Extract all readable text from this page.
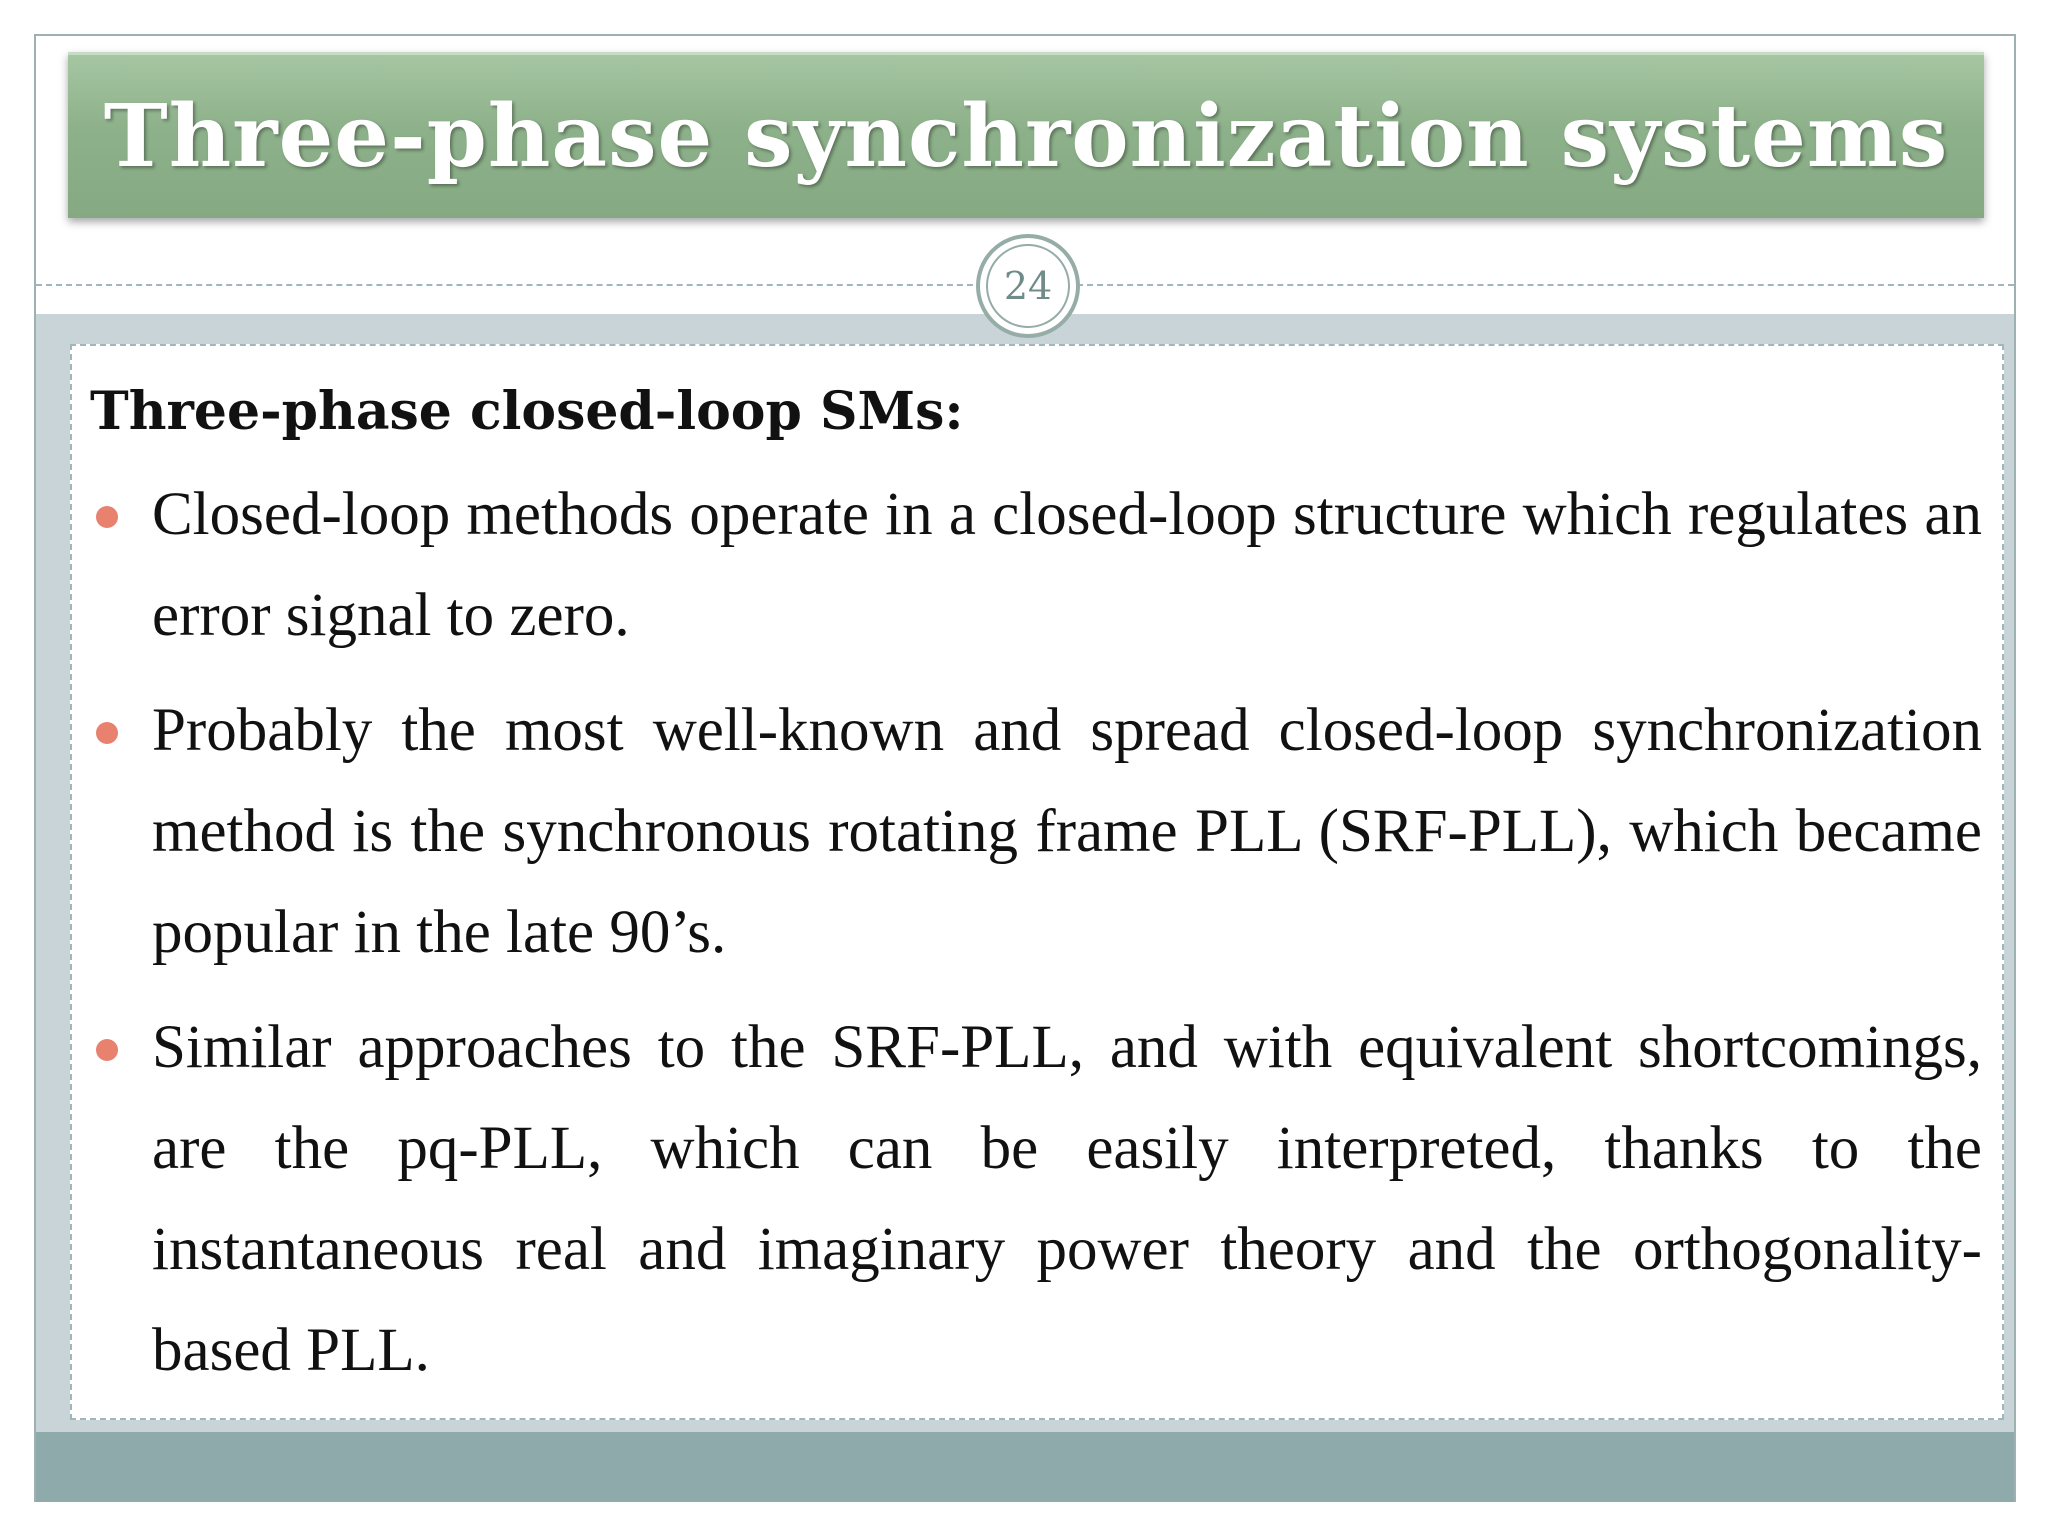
Three-phase synchronization systems
Three-phase closed-loop SMs:
Closed-loop methods operate in a closed-loop structure which regulates an error signal to zero.
Probably the most well-known and spread closed-loop synchronization method is the synchronous rotating frame PLL (SRF-PLL), which became popular in the late 90’s.
Similar approaches to the SRF-PLL, and with equivalent shortcomings, are the pq-PLL, which can be easily interpreted, thanks to the instantaneous real and imaginary power theory and the orthogonality-based PLL.
24
